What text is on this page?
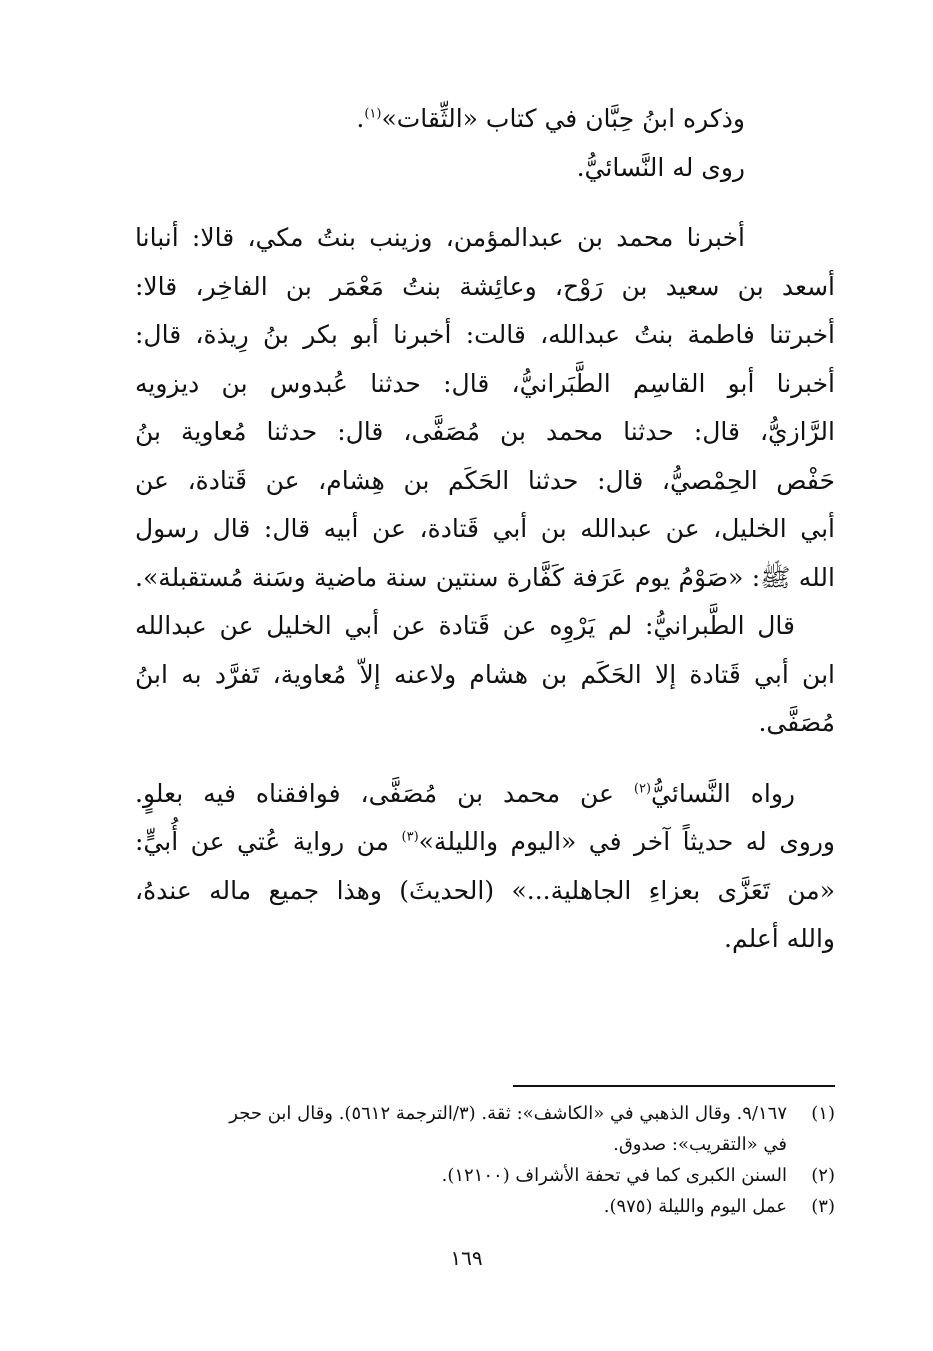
وذكره ابنُ حِبَّان في كتاب «الثِّقات»$^{(١)}$.
روى له النَّسائيُّ.
أخبرنا محمد بن عبدالمؤمن، وزينب بنتُ مكي، قالا: أنبانا
أسعد بن سعيد بن رَوْح، وعائِشة بنتُ مَعْمَر بن الفاخِر، قالا:
أخبرتنا فاطمة بنتُ عبدالله، قالت: أخبرنا أبو بكر بنُ رِيذة، قال:
أخبرنا أبو القاسِم الطَّبَرانيُّ، قال: حدثنا عُبدوس بن ديزويه
الرَّازيُّ، قال: حدثنا محمد بن مُصَفَّى، قال: حدثنا مُعاوية بنُ
حَفْص الحِمْصيُّ، قال: حدثنا الحَكَم بن هِشام، عن قَتادة، عن
أبي الخليل، عن عبدالله بن أبي قَتادة، عن أبيه قال: قال رسول
الله ﷺ: «صَوْمُ يوم عَرَفة كَفَّارة سنتين سنة ماضية وسَنة مُستقبلة».
قال الطَّبرانيُّ: لم يَرْوِه عن قَتادة عن أبي الخليل عن عبدالله
ابن أبي قَتادة إلا الحَكَم بن هشام ولاعنه إلاّ مُعاوية، تَفرَّد به ابنُ
مُصَفَّى.
رواه النَّسائيُّ$^{(٢)}$ عن محمد بن مُصَفَّى، فوافقناه فيه بعلوٍ.
وروى له حديثاً آخر في «اليوم والليلة»$^{(٣)}$ من رواية عُتي عن أُبيٍّ:
«من تَعَزَّى بعزاءِ الجاهلية...» (الحديثَ) وهذا جميع ماله عندهُ،
والله أعلم.
(١)
٩/١٦٧. وقال الذهبي في «الكاشف»: ثقة. (٣/الترجمة ٥٦١٢). وقال ابن حجر
في «التقريب»: صدوق.
(٢)
السنن الكبرى كما في تحفة الأشراف (١٢١٠٠).
(٣)
عمل اليوم والليلة (٩٧٥).
١٦٩
